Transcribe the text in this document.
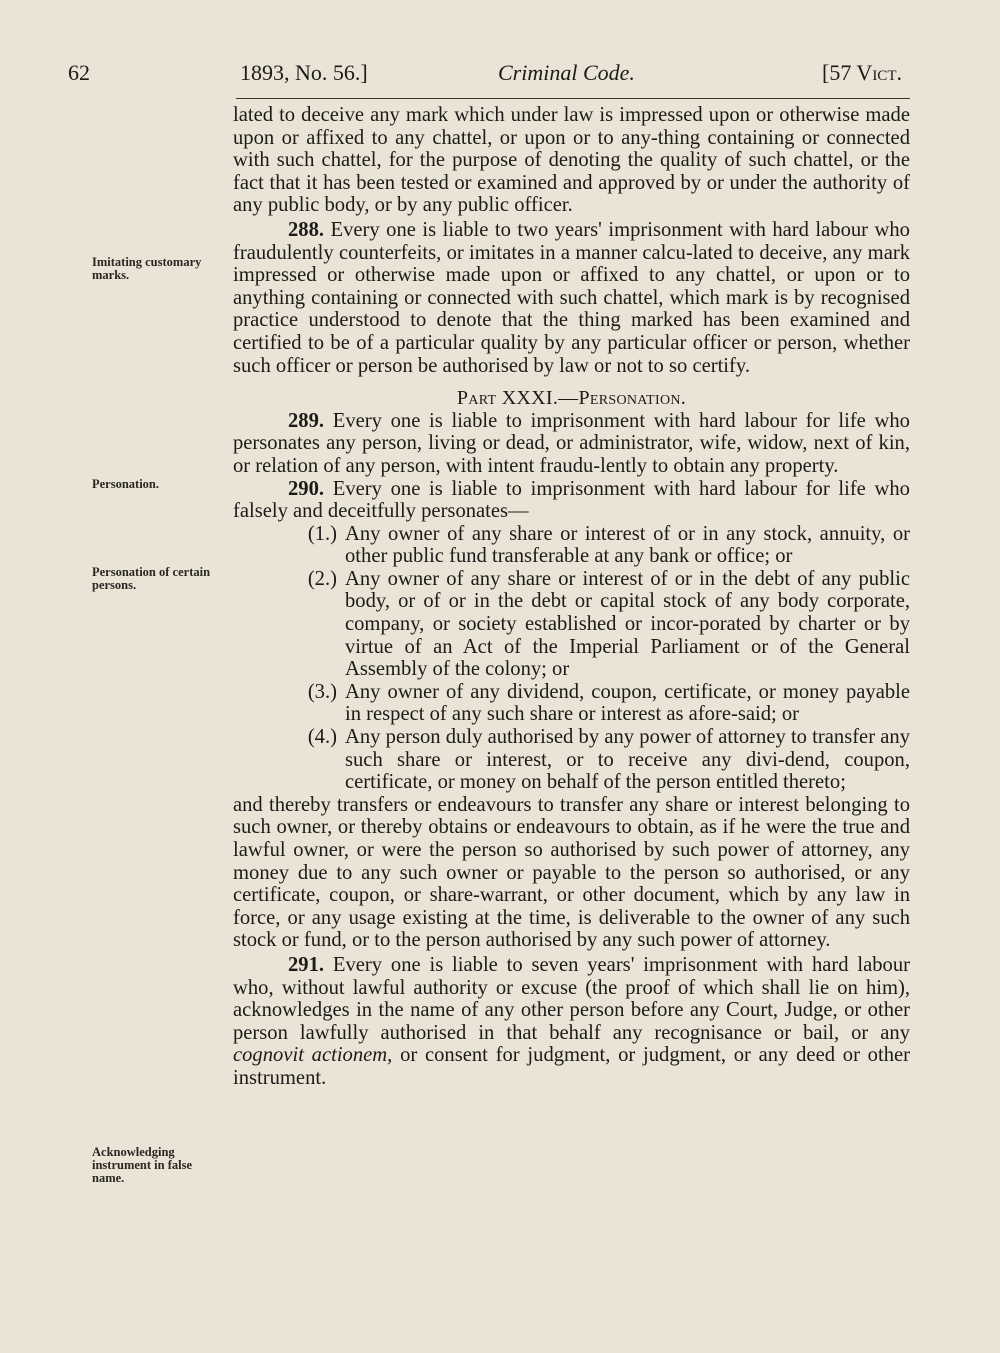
62	1893, No. 56.]	Criminal Code.	[57 Vict.
Imitating customary marks.
Personation.
Personation of certain persons.
Acknowledging instrument in false name.

lated to deceive any mark which under law is impressed upon or otherwise made upon or affixed to any chattel, or upon or to any-thing containing or connected with such chattel, for the purpose of denoting the quality of such chattel, or the fact that it has been tested or examined and approved by or under the authority of any public body, or by any public officer.

288. Every one is liable to two years' imprisonment with hard labour who fraudulently counterfeits, or imitates in a manner calcu-lated to deceive, any mark impressed or otherwise made upon or affixed to any chattel, or upon or to anything containing or connected with such chattel, which mark is by recognised practice understood to denote that the thing marked has been examined and certified to be of a particular quality by any particular officer or person, whether such officer or person be authorised by law or not to so certify.

Part XXXI.—Personation.

289. Every one is liable to imprisonment with hard labour for life who personates any person, living or dead, or administrator, wife, widow, next of kin, or relation of any person, with intent fraudu-lently to obtain any property.

290. Every one is liable to imprisonment with hard labour for life who falsely and deceitfully personates—

(1.) Any owner of any share or interest of or in any stock, annuity, or other public fund transferable at any bank or office; or
(2.) Any owner of any share or interest of or in the debt of any public body, or of or in the debt or capital stock of any body corporate, company, or society established or incor-porated by charter or by virtue of an Act of the Imperial Parliament or of the General Assembly of the colony; or
(3.) Any owner of any dividend, coupon, certificate, or money payable in respect of any such share or interest as afore-said; or
(4.) Any person duly authorised by any power of attorney to transfer any such share or interest, or to receive any divi-dend, coupon, certificate, or money on behalf of the person entitled thereto;

and thereby transfers or endeavours to transfer any share or interest belonging to such owner, or thereby obtains or endeavours to obtain, as if he were the true and lawful owner, or were the person so authorised by such power of attorney, any money due to any such owner or payable to the person so authorised, or any certificate, coupon, or share-warrant, or other document, which by any law in force, or any usage existing at the time, is deliverable to the owner of any such stock or fund, or to the person authorised by any such power of attorney.

291. Every one is liable to seven years' imprisonment with hard labour who, without lawful authority or excuse (the proof of which shall lie on him), acknowledges in the name of any other person before any Court, Judge, or other person lawfully authorised in that behalf any recognisance or bail, or any cognovit actionem, or consent for judgment, or judgment, or any deed or other instrument.
